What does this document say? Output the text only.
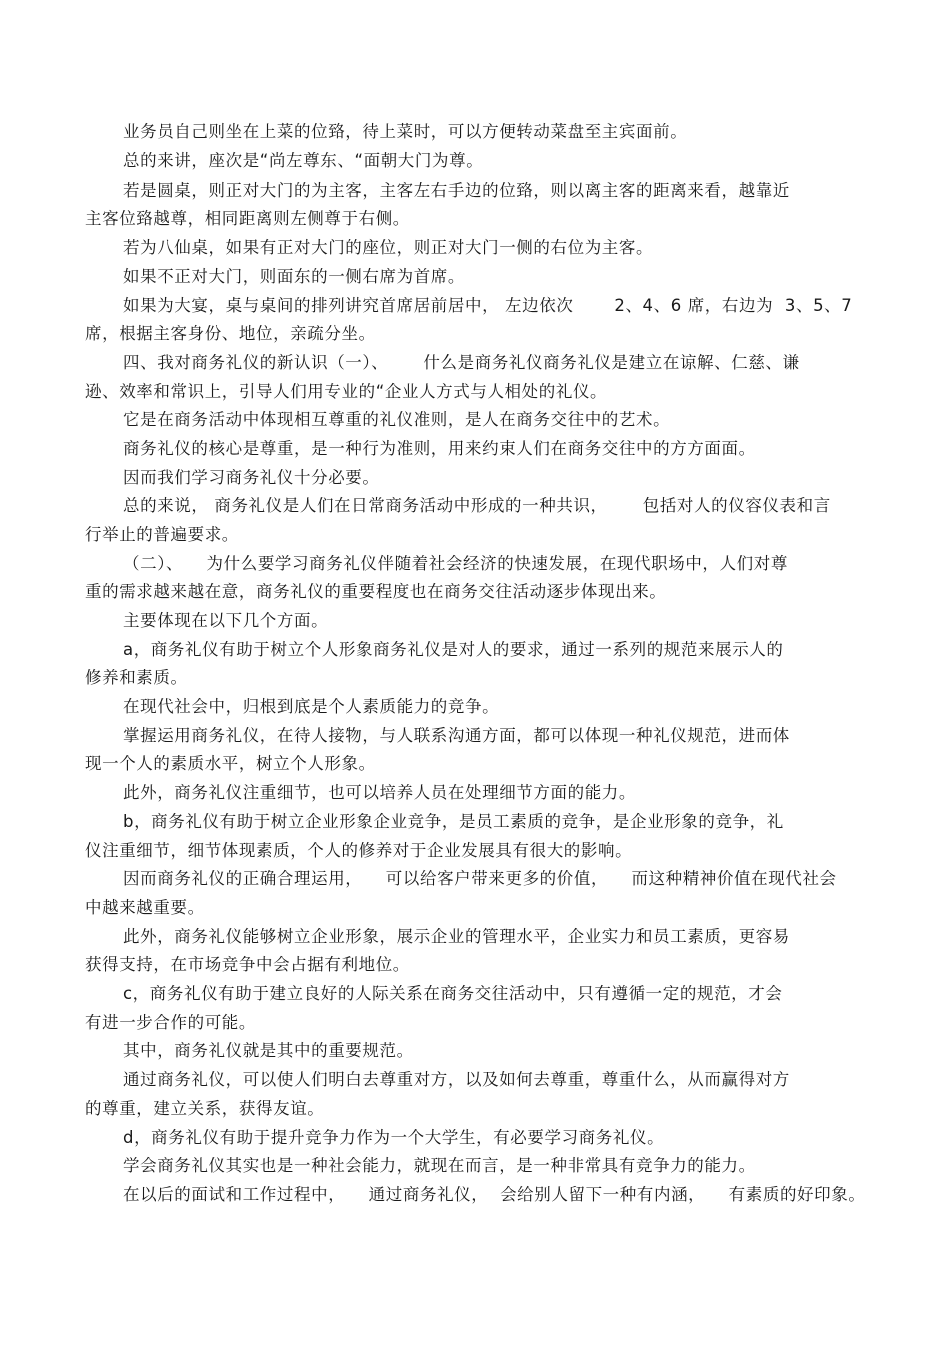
业务员自己则坐在上菜的位臵，待上菜时，可以方便转动菜盘至主宾面前。
总的来讲，座次是“尚左尊东、“面朝大门为尊。
若是圆桌，则正对大门的为主客，主客左右手边的位臵，则以离主客的距离来看，越靠近
主客位臵越尊，相同距离则左侧尊于右侧。
若为八仙桌，如果有正对大门的座位，则正对大门一侧的右位为主客。
如果不正对大门，则面东的一侧右席为首席。
如果为大宴，桌与桌间的排列讲究首席居前居中， 左边依次       2、4、6 席，右边为  3、5、7
席，根据主客身份、地位，亲疏分坐。
四、我对商务礼仪的新认识（一）、      什么是商务礼仪商务礼仪是建立在谅解、仁慈、谦
逊、效率和常识上，引导人们用专业的“企业人方式与人相处的礼仪。
它是在商务活动中体现相互尊重的礼仪准则，是人在商务交往中的艺术。
商务礼仪的核心是尊重，是一种行为准则，用来约束人们在商务交往中的方方面面。
因而我们学习商务礼仪十分必要。
总的来说， 商务礼仪是人们在日常商务活动中形成的一种共识，      包括对人的仪容仪表和言
行举止的普遍要求。
（二）、    为什么要学习商务礼仪伴随着社会经济的快速发展，在现代职场中，人们对尊
重的需求越来越在意，商务礼仪的重要程度也在商务交往活动逐步体现出来。
主要体现在以下几个方面。
a，商务礼仪有助于树立个人形象商务礼仪是对人的要求，通过一系列的规范来展示人的
修养和素质。
在现代社会中，归根到底是个人素质能力的竞争。
掌握运用商务礼仪，在待人接物，与人联系沟通方面，都可以体现一种礼仪规范，进而体
现一个人的素质水平，树立个人形象。
此外，商务礼仪注重细节，也可以培养人员在处理细节方面的能力。
b，商务礼仪有助于树立企业形象企业竞争，是员工素质的竞争，是企业形象的竞争，礼
仪注重细节，细节体现素质，个人的修养对于企业发展具有很大的影响。
因而商务礼仪的正确合理运用，    可以给客户带来更多的价值，    而这种精神价值在现代社会
中越来越重要。
此外，商务礼仪能够树立企业形象，展示企业的管理水平，企业实力和员工素质，更容易
获得支持，在市场竞争中会占据有利地位。
c，商务礼仪有助于建立良好的人际关系在商务交往活动中，只有遵循一定的规范，才会
有进一步合作的可能。
其中，商务礼仪就是其中的重要规范。
通过商务礼仪，可以使人们明白去尊重对方，以及如何去尊重，尊重什么，从而赢得对方
的尊重，建立关系，获得友谊。
d，商务礼仪有助于提升竞争力作为一个大学生，有必要学习商务礼仪。
学会商务礼仪其实也是一种社会能力，就现在而言，是一种非常具有竞争力的能力。
在以后的面试和工作过程中，    通过商务礼仪，  会给别人留下一种有内涵，    有素质的好印象。
